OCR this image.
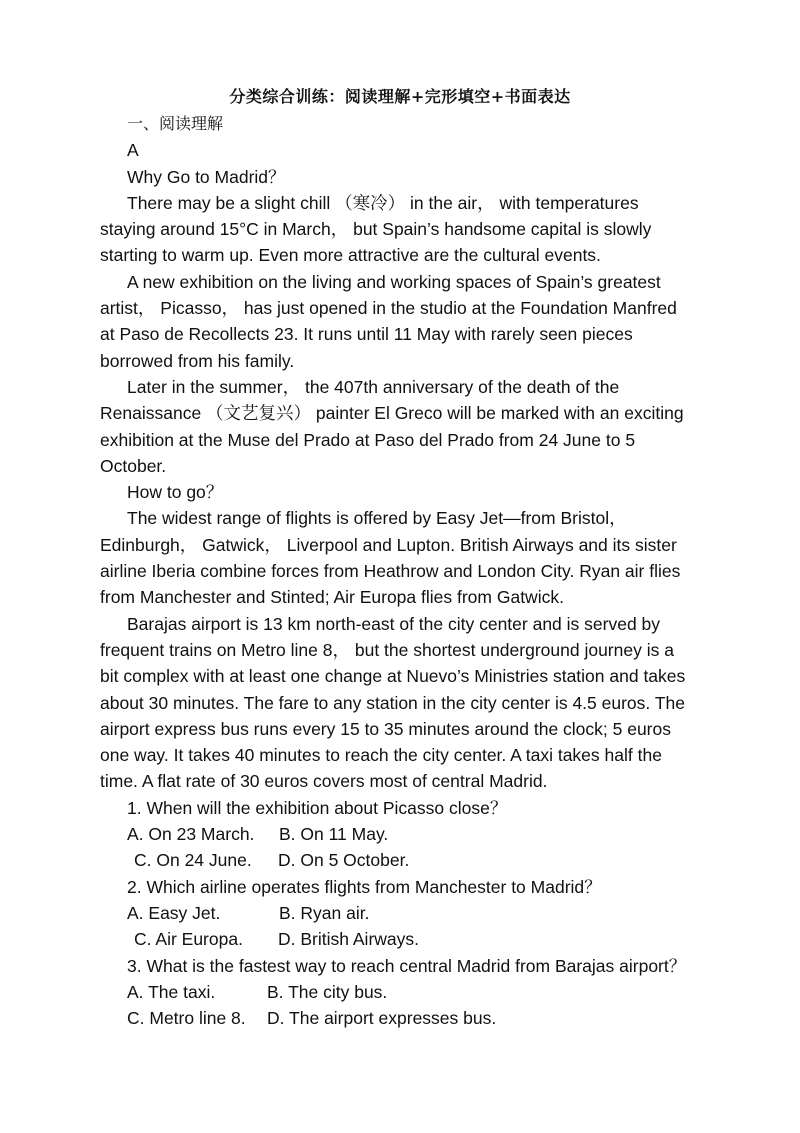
分类综合训练：阅读理解+完形填空+书面表达
一、阅读理解
A
Why Go to Madrid？
There may be a slight chill （寒冷） in the air， with temperatures
staying around 15°C in March， but Spain’s handsome capital is slowly
starting to warm up. Even more attractive are the cultural events.
A new exhibition on the living and working spaces of Spain’s greatest
artist， Picasso， has just opened in the studio at the Foundation Manfred
at Paso de Recollects 23. It runs until 11 May with rarely seen pieces
borrowed from his family.
Later in the summer， the 407th anniversary of the death of the
Renaissance （文艺复兴） painter El Greco will be marked with an exciting
exhibition at the Muse del Prado at Paso del Prado from 24 June to 5
October.
How to go？
The widest range of flights is offered by Easy Jet—from Bristol，
Edinburgh， Gatwick， Liverpool and Lupton. British Airways and its sister
airline Iberia combine forces from Heathrow and London City. Ryan air flies
from Manchester and Stinted; Air Europa flies from Gatwick.
Barajas airport is 13 km north-east of the city center and is served by
frequent trains on Metro line 8， but the shortest underground journey is a
bit complex with at least one change at Nuevo’s Ministries station and takes
about 30 minutes. The fare to any station in the city center is 4.5 euros. The
airport express bus runs every 15 to 35 minutes around the clock; 5 euros
one way. It takes 40 minutes to reach the city center. A taxi takes half the
time. A flat rate of 30 euros covers most of central Madrid.
1. When will the exhibition about Picasso close？
A. On 23 March. B. On 11 May.
C. On 24 June. D. On 5 October.
2. Which airline operates flights from Manchester to Madrid？
A. Easy Jet.	B. Ryan air.
C. Air Europa. D. British Airways.
3. What is the fastest way to reach central Madrid from Barajas airport？
A. The taxi.	B. The city bus.
C. Metro line 8. D. The airport expresses bus.
